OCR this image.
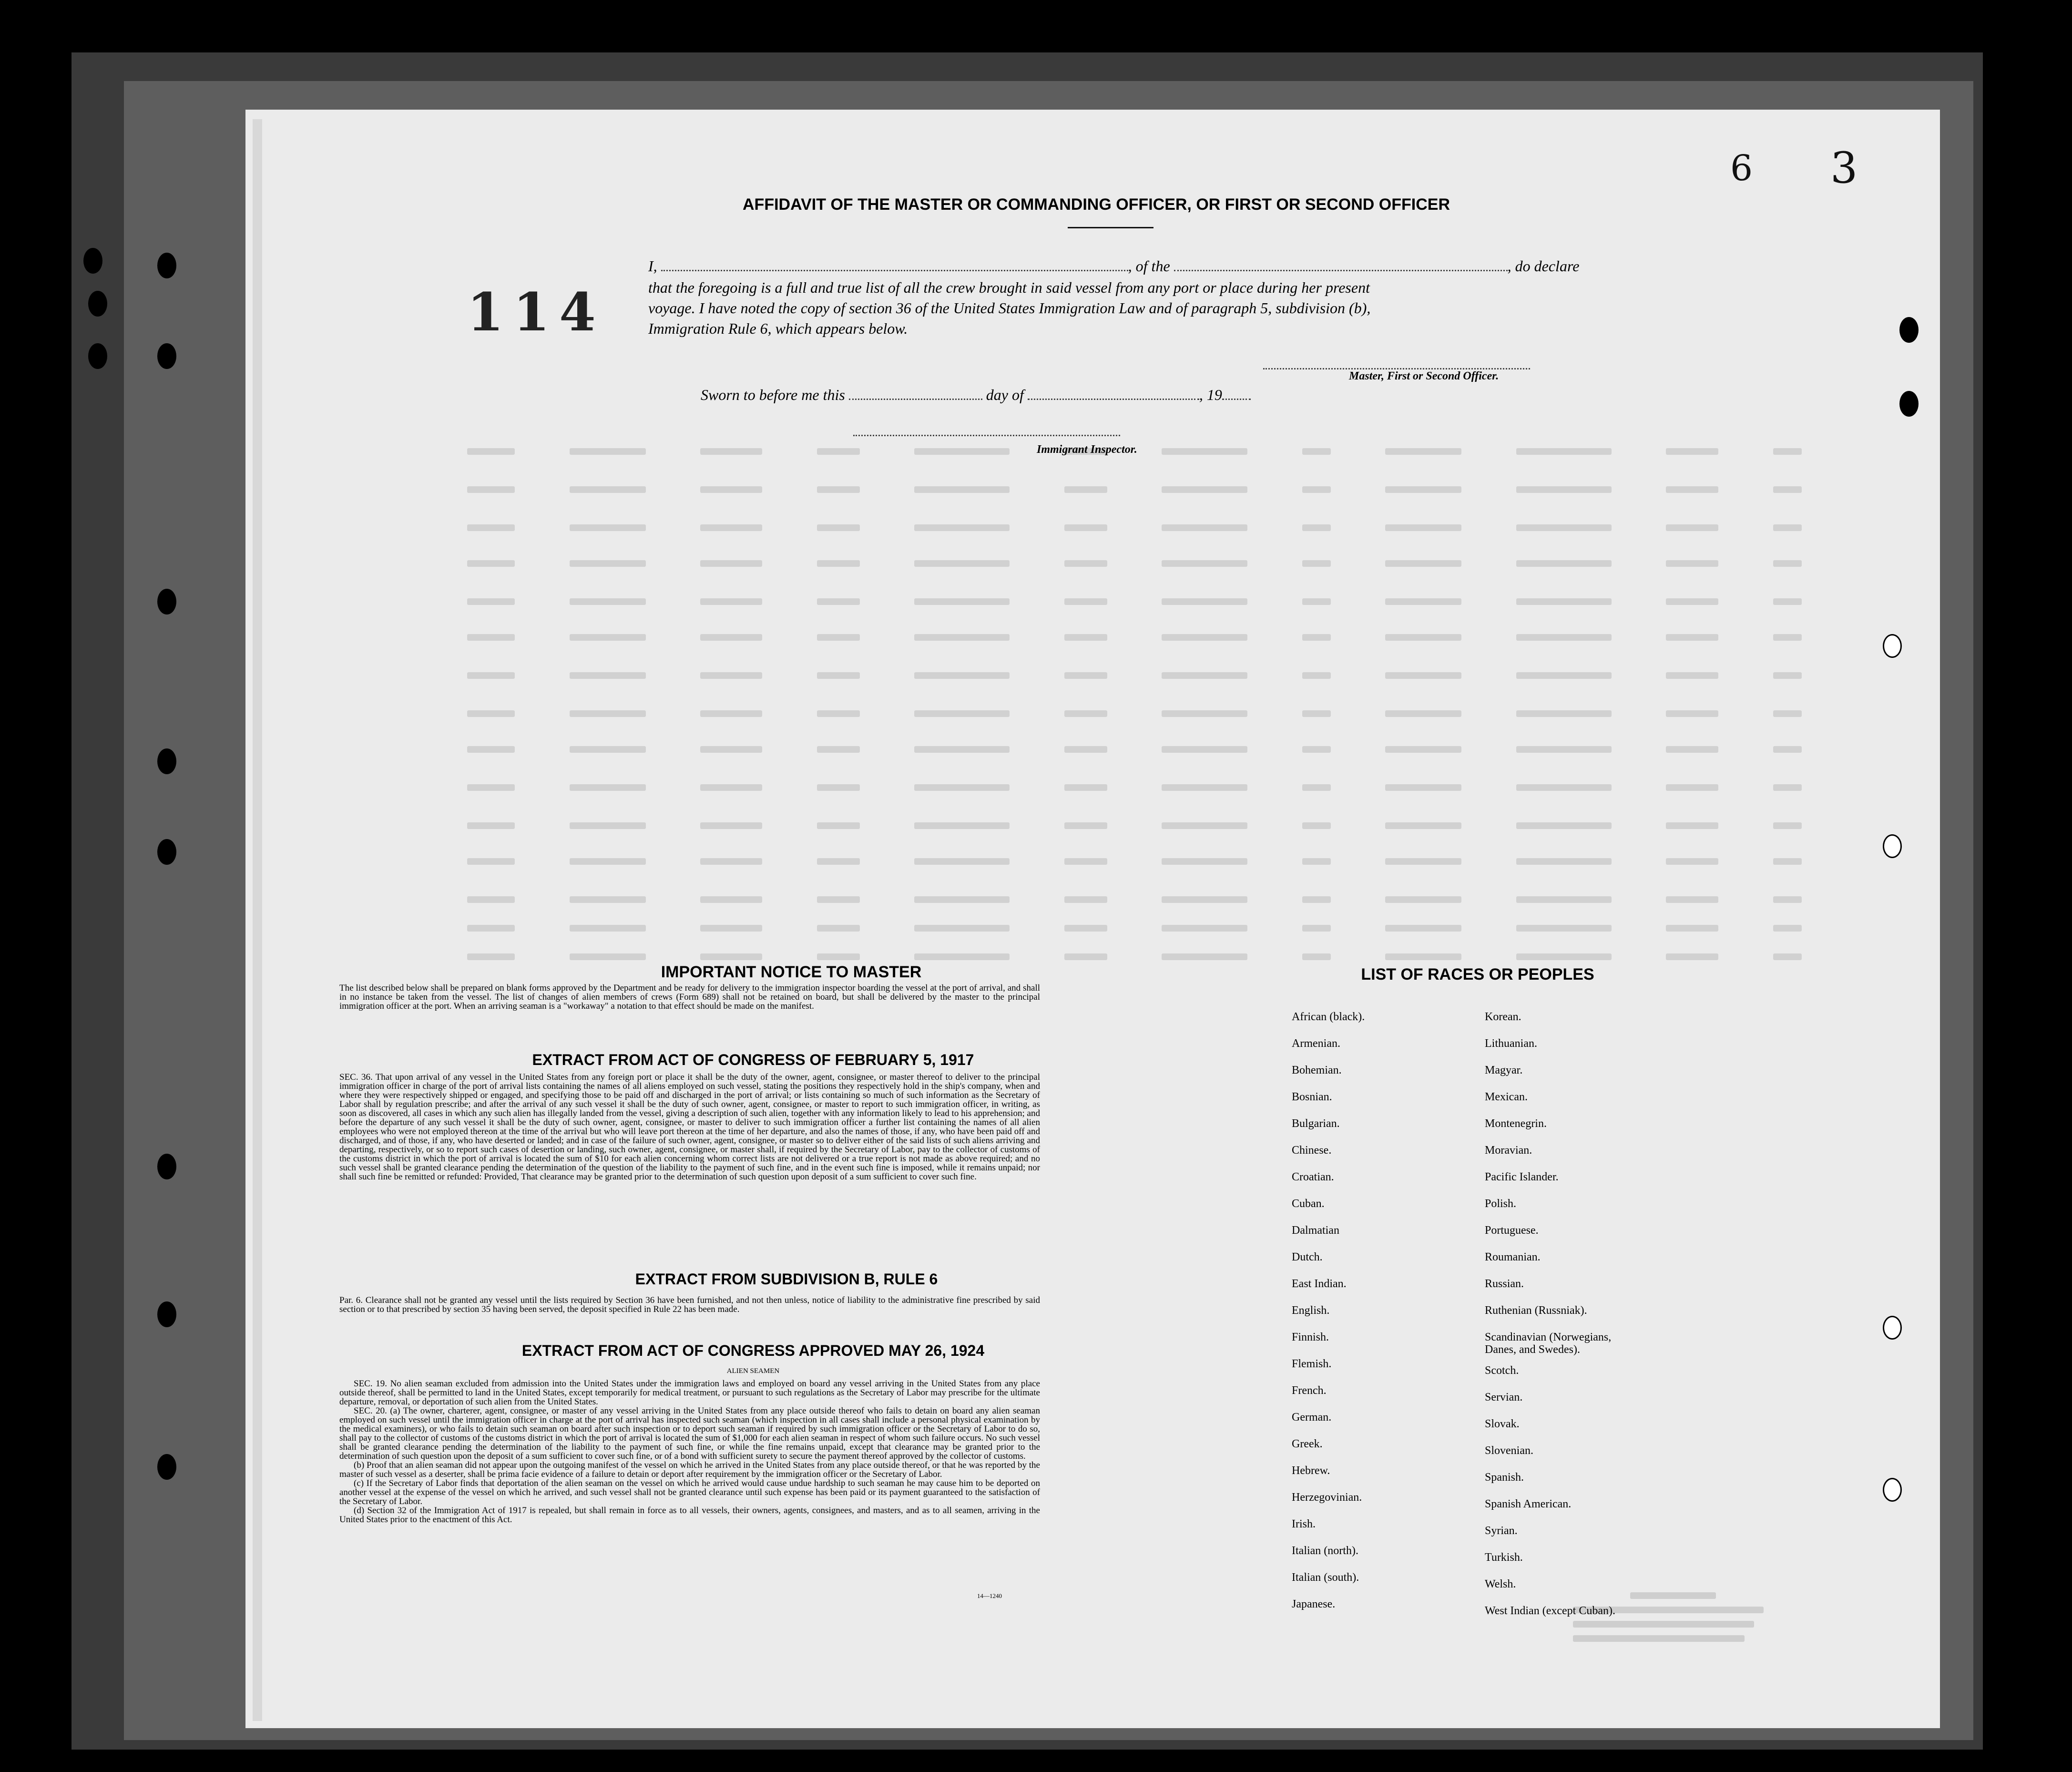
6 3
114
AFFIDAVIT OF THE MASTER OR COMMANDING OFFICER, OR FIRST OR SECOND OFFICER
I,	, of the	, do declare
that the foregoing is a full and true list of all the crew brought in said vessel from any port or place during her present
voyage. I have noted the copy of section 36 of the United States Immigration Law and of paragraph 5, subdivision (b),
Immigration Rule 6, which appears below.
Master, First or Second Officer.
Sworn to before me this	day of	, 19
Immigrant Inspector.
IMPORTANT NOTICE TO MASTER
The list described below shall be prepared on blank forms approved by the Department and be ready for delivery to the immigration inspector boarding the vessel at the port of arrival, and shall in no instance be taken from the vessel. The list of changes of alien members of crews (Form 689) shall not be retained on board, but shall be delivered by the master to the principal immigration officer at the port. When an arriving seaman is a "workaway" a notation to that effect should be made on the manifest.
EXTRACT FROM ACT OF CONGRESS OF FEBRUARY 5, 1917
SEC. 36. That upon arrival of any vessel in the United States from any foreign port or place it shall be the duty of the owner, agent, consignee, or master thereof to deliver to the principal immigration officer in charge of the port of arrival lists containing the names of all aliens employed on such vessel, stating the positions they respectively hold in the ship's company, when and where they were respectively shipped or engaged, and specifying those to be paid off and discharged in the port of arrival; or lists containing so much of such information as the Secretary of Labor shall by regulation prescribe; and after the arrival of any such vessel it shall be the duty of such owner, agent, consignee, or master to report to such immigration officer, in writing, as soon as discovered, all cases in which any such alien has illegally landed from the vessel, giving a description of such alien, together with any information likely to lead to his apprehension; and before the departure of any such vessel it shall be the duty of such owner, agent, consignee, or master to deliver to such immigration officer a further list containing the names of all alien employees who were not employed thereon at the time of the arrival but who will leave port thereon at the time of her departure, and also the names of those, if any, who have been paid off and discharged, and of those, if any, who have deserted or landed; and in case of the failure of such owner, agent, consignee, or master so to deliver either of the said lists of such aliens arriving and departing, respectively, or so to report such cases of desertion or landing, such owner, agent, consignee, or master shall, if required by the Secretary of Labor, pay to the collector of customs of the customs district in which the port of arrival is located the sum of $10 for each alien concerning whom correct lists are not delivered or a true report is not made as above required; and no such vessel shall be granted clearance pending the determination of the question of the liability to the payment of such fine, and in the event such fine is imposed, while it remains unpaid; nor shall such fine be remitted or refunded: Provided, That clearance may be granted prior to the determination of such question upon deposit of a sum sufficient to cover such fine.
EXTRACT FROM SUBDIVISION B, RULE 6
Par. 6. Clearance shall not be granted any vessel until the lists required by Section 36 have been furnished, and not then unless, notice of liability to the administrative fine prescribed by said section or to that prescribed by section 35 having been served, the deposit specified in Rule 22 has been made.
EXTRACT FROM ACT OF CONGRESS APPROVED MAY 26, 1924
ALIEN SEAMEN

SEC. 19. No alien seaman excluded from admission into the United States under the immigration laws and employed on board any vessel arriving in the United States from any place outside thereof, shall be permitted to land in the United States, except temporarily for medical treatment, or pursuant to such regulations as the Secretary of Labor may prescribe for the ultimate departure, removal, or deportation of such alien from the United States.

SEC. 20. (a) The owner, charterer, agent, consignee, or master of any vessel arriving in the United States from any place outside thereof who fails to detain on board any alien seaman employed on such vessel until the immigration officer in charge at the port of arrival has inspected such seaman (which inspection in all cases shall include a personal physical examination by the medical examiners), or who fails to detain such seaman on board after such inspection or to deport such seaman if required by such immigration officer or the Secretary of Labor to do so, shall pay to the collector of customs of the customs district in which the port of arrival is located the sum of $1,000 for each alien seaman in respect of whom such failure occurs. No such vessel shall be granted clearance pending the determination of the liability to the payment of such fine, or while the fine remains unpaid, except that clearance may be granted prior to the determination of such question upon the deposit of a sum sufficient to cover such fine, or of a bond with sufficient surety to secure the payment thereof approved by the collector of customs.

(b) Proof that an alien seaman did not appear upon the outgoing manifest of the vessel on which he arrived in the United States from any place outside thereof, or that he was reported by the master of such vessel as a deserter, shall be prima facie evidence of a failure to detain or deport after requirement by the immigration officer or the Secretary of Labor.

(c) If the Secretary of Labor finds that deportation of the alien seaman on the vessel on which he arrived would cause undue hardship to such seaman he may cause him to be deported on another vessel at the expense of the vessel on which he arrived, and such vessel shall not be granted clearance until such expense has been paid or its payment guaranteed to the satisfaction of the Secretary of Labor.

(d) Section 32 of the Immigration Act of 1917 is repealed, but shall remain in force as to all vessels, their owners, agents, consignees, and masters, and as to all seamen, arriving in the United States prior to the enactment of this Act.

14—1240
LIST OF RACES OR PEOPLES
African (black).
Armenian.
Bohemian.
Bosnian.
Bulgarian.
Chinese.
Croatian.
Cuban.
Dalmatian
Dutch.
East Indian.
English.
Finnish.
Flemish.
French.
German.
Greek.
Hebrew.
Herzegovinian.
Irish.
Italian (north).
Italian (south).
Japanese.
Korean.
Lithuanian.
Magyar.
Mexican.
Montenegrin.
Moravian.
Pacific Islander.
Polish.
Portuguese.
Roumanian.
Russian.
Ruthenian (Russniak).
Scandinavian (Norwegians, Danes, and Swedes).
Scotch.
Servian.
Slovak.
Slovenian.
Spanish.
Spanish American.
Syrian.
Turkish.
Welsh.
West Indian (except Cuban).
